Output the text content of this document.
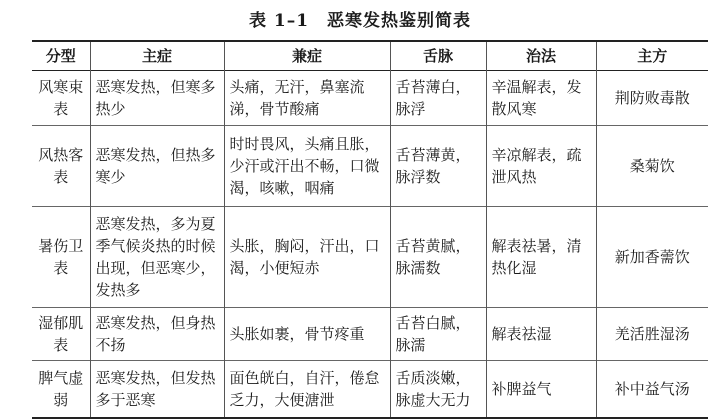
表 1–1 恶寒发热鉴别简表
分型	主症	兼症	舌脉	治法	主方
风寒束表	恶寒发热，但寒多热少	头痛，无汗，鼻塞流涕，骨节酸痛	舌苔薄白，脉浮	辛温解表，发散风寒	荆防败毒散
风热客表	恶寒发热，但热多寒少	时时畏风，头痛且胀，少汗或汗出不畅，口微渴，咳嗽，咽痛	舌苔薄黄，脉浮数	辛凉解表，疏泄风热	桑菊饮
暑伤卫表	恶寒发热，多为夏季气候炎热的时候出现，但恶寒少，发热多	头胀，胸闷，汗出，口渴，小便短赤	舌苔黄腻，脉濡数	解表祛暑，清热化湿	新加香薷饮
湿郁肌表	恶寒发热，但身热不扬	头胀如裹，骨节疼重	舌苔白腻，脉濡	解表祛湿	羌活胜湿汤
脾气虚弱	恶寒发热，但发热多于恶寒	面色㿠白，自汗，倦怠乏力，大便溏泄	舌质淡嫩，脉虚大无力	补脾益气	补中益气汤
